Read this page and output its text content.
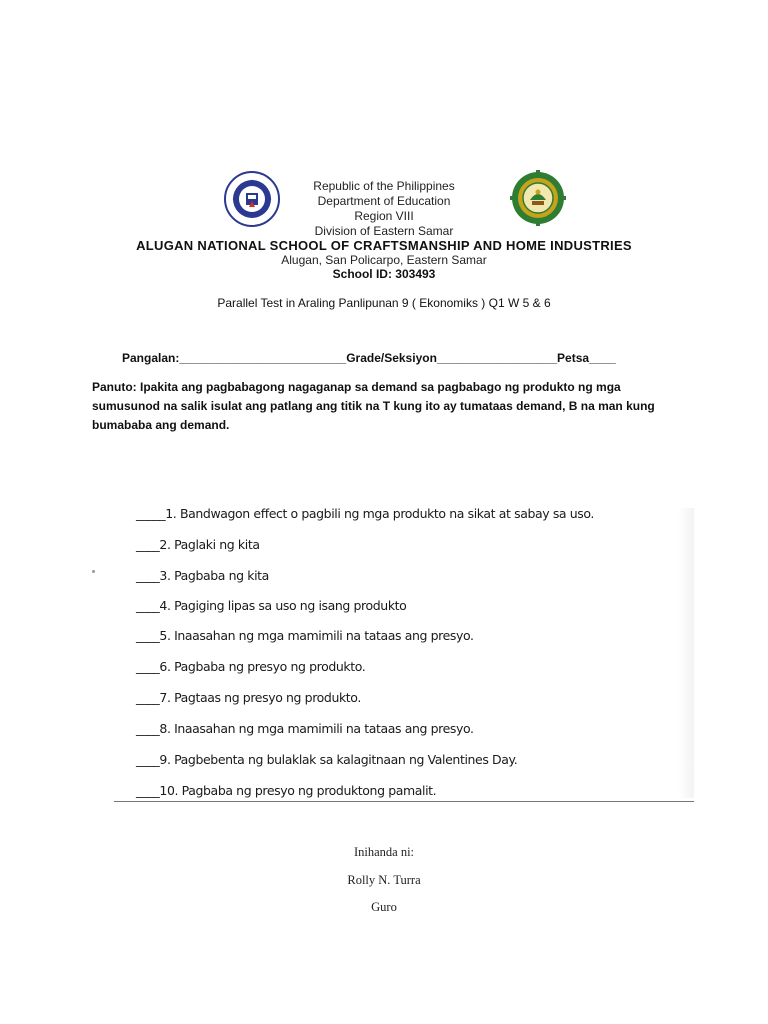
Republic of the Philippines
Department of Education
Region VIII
Division of Eastern Samar
ALUGAN NATIONAL SCHOOL OF CRAFTSMANSHIP AND HOME INDUSTRIES
Alugan, San Policarpo, Eastern Samar
School ID: 303493
Parallel Test in Araling Panlipunan 9 ( Ekonomiks ) Q1 W 5 & 6
Pangalan:_________________________Grade/Seksiyon__________________Petsa____
Panuto: Ipakita ang pagbabagong nagaganap sa demand sa pagbabago ng produkto ng mga sumusunod na salik isulat ang patlang ang titik na T kung ito ay tumataas demand, B na man kung bumababa ang demand.
_____1. Bandwagon effect o pagbili ng mga produkto na sikat at sabay sa uso.
____2. Paglaki ng kita
____3. Pagbaba ng kita
____4. Pagiging lipas sa uso ng isang produkto
____5. Inaasahan ng mga mamimili na tataas ang presyo.
____6. Pagbaba ng presyo ng produkto.
____7. Pagtaas ng presyo ng produkto.
____8. Inaasahan ng mga mamimili na tataas ang presyo.
____9. Pagbebenta ng bulaklak sa kalagitnaan ng Valentines Day.
____10. Pagbaba ng presyo ng produktong pamalit.
Inihanda ni:
Rolly N. Turra
Guro
